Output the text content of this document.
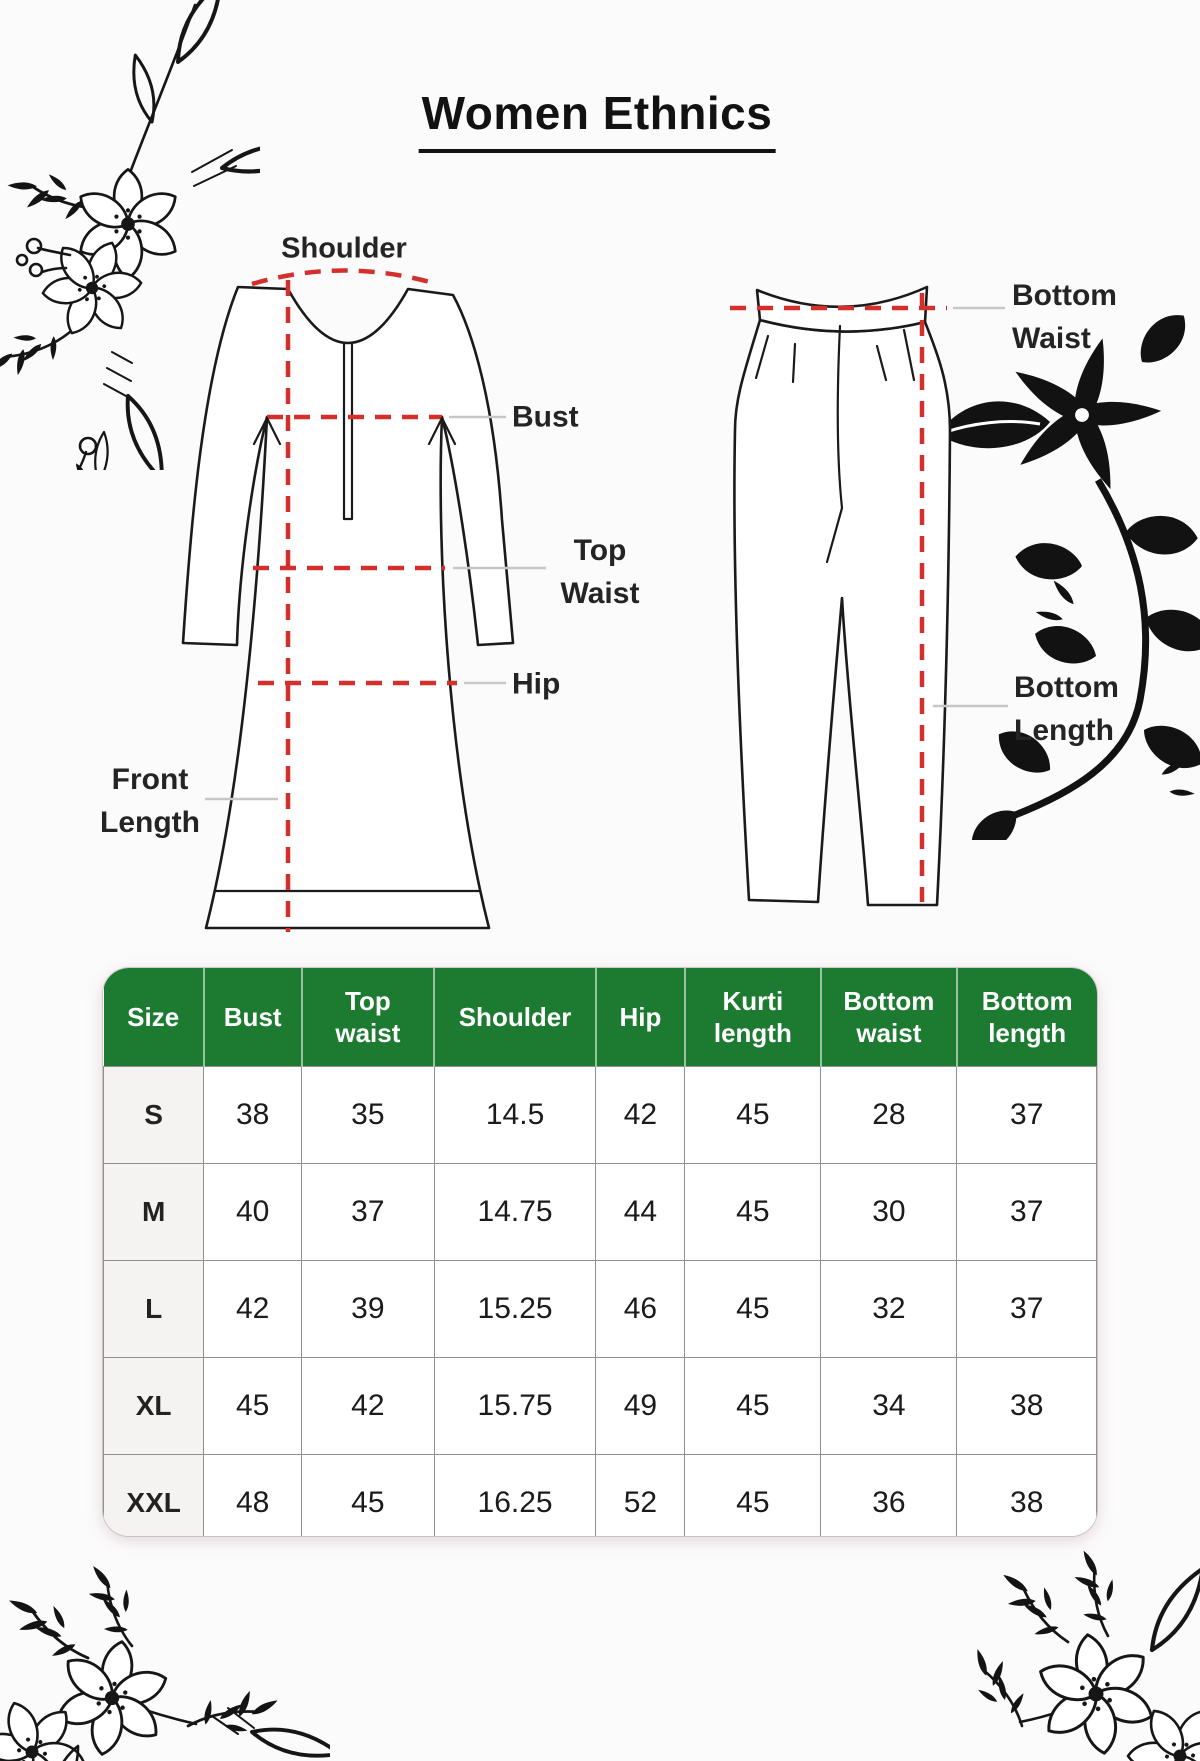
Women Ethnics
Shoulder
Bust
Top
Waist
Hip
Front
Length
Bottom
Waist
Bottom
Length
Size	Bust	Top waist	Shoulder	Hip	Kurti length	Bottom waist	Bottom length
S	38	35	14.5	42	45	28	37
M	40	37	14.75	44	45	30	37
L	42	39	15.25	46	45	32	37
XL	45	42	15.75	49	45	34	38
XXL	48	45	16.25	52	45	36	38
